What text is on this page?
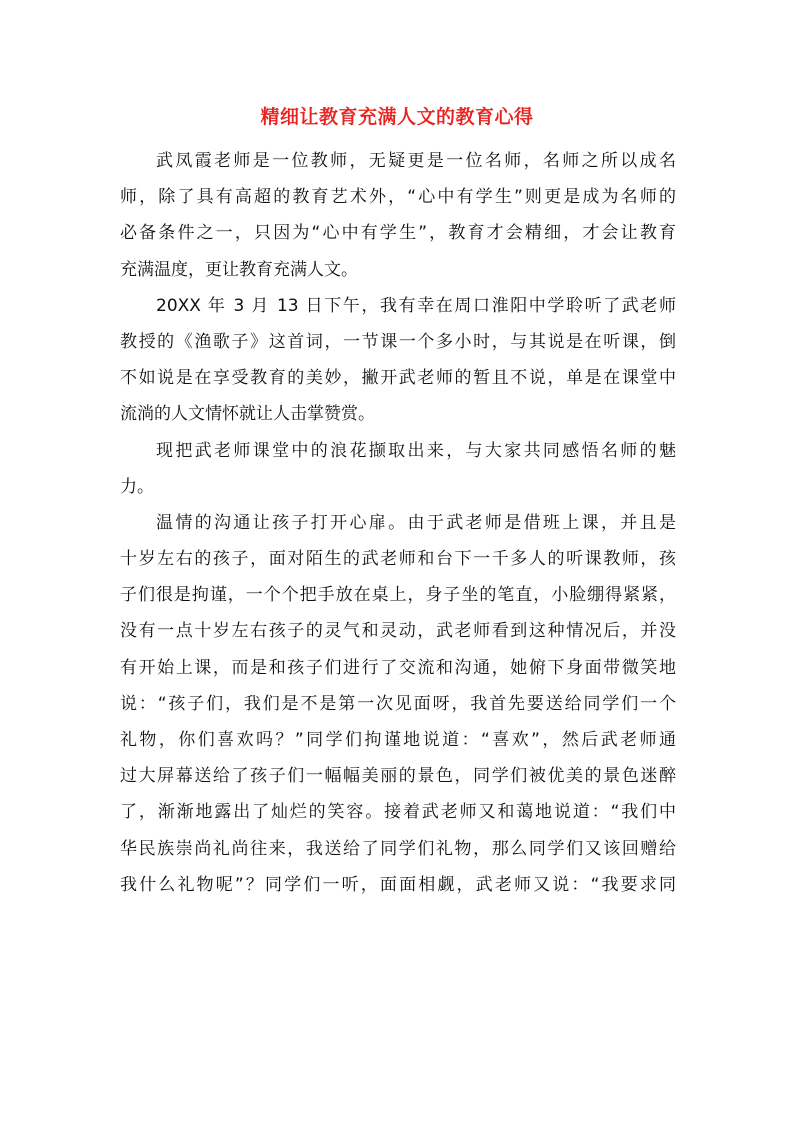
精细让教育充满人文的教育心得
武凤霞老师是一位教师，无疑更是一位名师，名师之所以成名
师，除了具有高超的教育艺术外，“心中有学生”则更是成为名师的
必备条件之一，只因为“心中有学生”，教育才会精细，才会让教育
充满温度，更让教育充满人文。
20XX 年 3 月 13 日下午，我有幸在周口淮阳中学聆听了武老师
教授的《渔歌子》这首词，一节课一个多小时，与其说是在听课，倒
不如说是在享受教育的美妙，撇开武老师的暂且不说，单是在课堂中
流淌的人文情怀就让人击掌赞赏。
现把武老师课堂中的浪花撷取出来，与大家共同感悟名师的魅
力。
温情的沟通让孩子打开心扉。由于武老师是借班上课，并且是
十岁左右的孩子，面对陌生的武老师和台下一千多人的听课教师，孩
子们很是拘谨，一个个把手放在桌上，身子坐的笔直，小脸绷得紧紧，
没有一点十岁左右孩子的灵气和灵动，武老师看到这种情况后，并没
有开始上课，而是和孩子们进行了交流和沟通，她俯下身面带微笑地
说：“孩子们，我们是不是第一次见面呀，我首先要送给同学们一个
礼物，你们喜欢吗？”同学们拘谨地说道：“喜欢”，然后武老师通
过大屏幕送给了孩子们一幅幅美丽的景色，同学们被优美的景色迷醉
了，渐渐地露出了灿烂的笑容。接着武老师又和蔼地说道：“我们中
华民族崇尚礼尚往来，我送给了同学们礼物，那么同学们又该回赠给
我什么礼物呢”？同学们一听，面面相觑，武老师又说：“我要求同
